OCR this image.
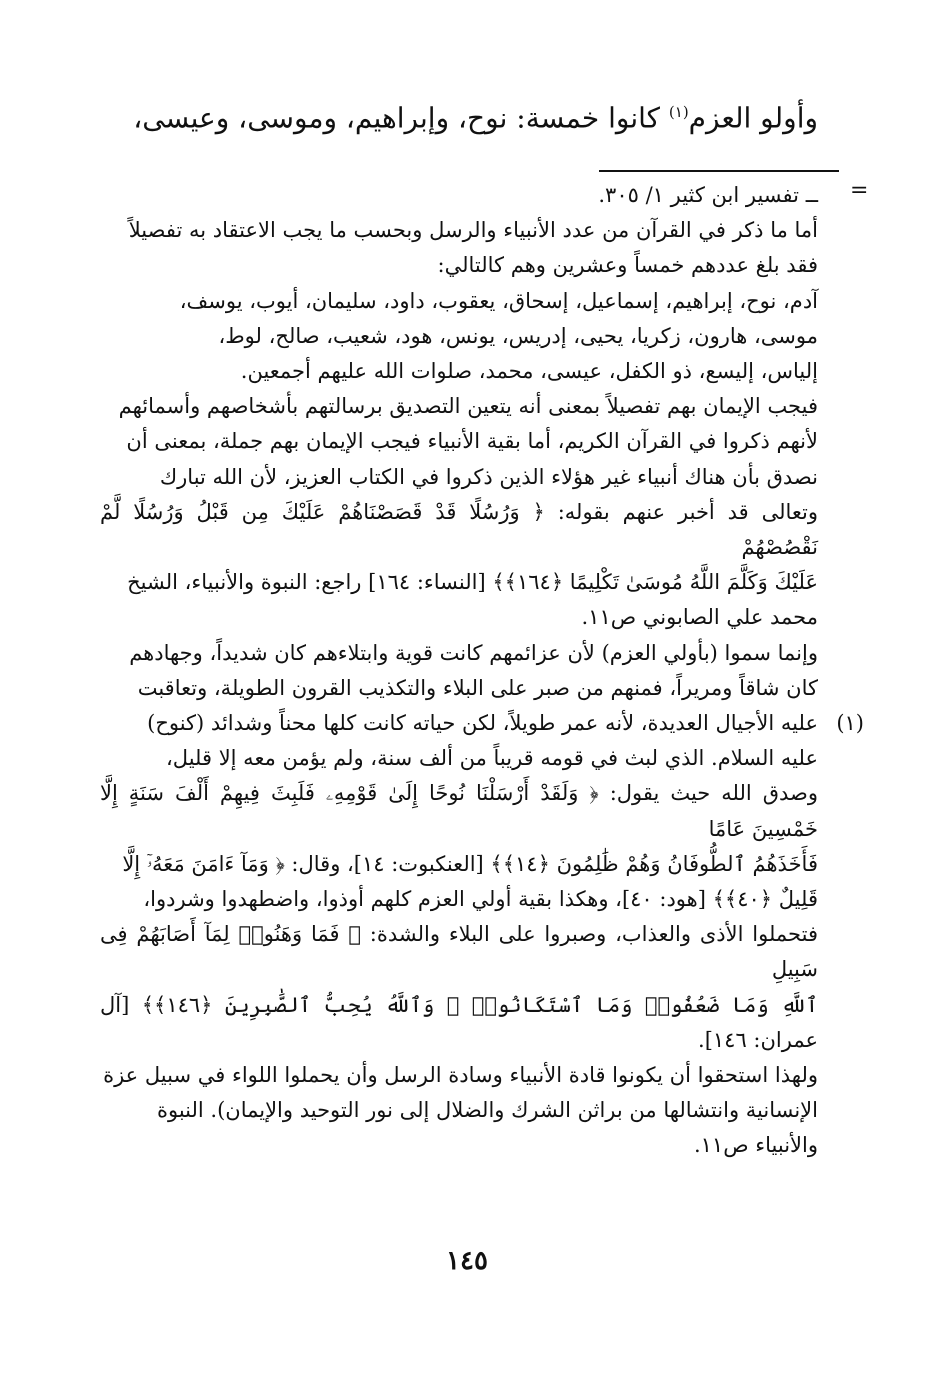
وأولو العزم$^{(١)}$ كانوا خمسة: نوح، وإبراهيم، وموسى، وعيسى،
=

ــ تفسير ابن كثير ١/ ٣٠٥.

أما ما ذكر في القرآن من عدد الأنبياء والرسل وبحسب ما يجب الاعتقاد به تفصيلاً

فقد بلغ عددهم خمساً وعشرين وهم كالتالي:

آدم، نوح، إبراهيم، إسماعيل، إسحاق، يعقوب، داود، سليمان، أيوب، يوسف،

موسى، هارون، زكريا، يحيى، إدريس، يونس، هود، شعيب، صالح، لوط،

إلياس، إليسع، ذو الكفل، عيسى، محمد، صلوات الله عليهم أجمعين.

فيجب الإيمان بهم تفصيلاً بمعنى أنه يتعين التصديق برسالتهم بأشخاصهم وأسمائهم

لأنهم ذكروا في القرآن الكريم، أما بقية الأنبياء فيجب الإيمان بهم جملة، بمعنى أن

نصدق بأن هناك أنبياء غير هؤلاء الذين ذكروا في الكتاب العزيز، لأن الله تبارك

وتعالى قد أخبر عنهم بقوله: ﴿ وَرُسُلًا قَدْ قَصَصْنَاهُمْ عَلَيْكَ مِن قَبْلُ وَرُسُلًا لَّمْ نَقْصُصْهُمْ

عَلَيْكَ وَكَلَّمَ اللَّهُ مُوسَىٰ تَكْلِيمًا ﴿١٦٤﴾﴾ [النساء: ١٦٤] راجع: النبوة والأنبياء، الشيخ

محمد علي الصابوني ص١١.

وإنما سموا (بأولي العزم) لأن عزائمهم كانت قوية وابتلاءهم كان شديداً، وجهادهم

كان شاقاً ومريراً، فمنهم من صبر على البلاء والتكذيب القرون الطويلة، وتعاقبت

عليه الأجيال العديدة، لأنه عمر طويلاً، لكن حياته كانت كلها محناً وشدائد (كنوح)

عليه السلام. الذي لبث في قومه قريباً من ألف سنة، ولم يؤمن معه إلا قليل،

وصدق الله حيث يقول: ﴿ وَلَقَدْ أَرْسَلْنَا نُوحًا إِلَىٰ قَوْمِهِۦ فَلَبِثَ فِيهِمْ أَلْفَ سَنَةٍ إِلَّا خَمْسِينَ عَامًا

فَأَخَذَهُمُ ٱلطُّوفَانُ وَهُمْ ظَٰلِمُونَ ﴿١٤﴾﴾ [العنكبوت: ١٤]، وقال: ﴿ وَمَآ ءَامَنَ مَعَهُۥٓ إِلَّا

قَلِيلٌ ﴿٤٠﴾﴾ [هود: ٤٠]، وهكذا بقية أولي العزم كلهم أوذوا، واضطهدوا وشردوا،

فتحملوا الأذى والعذاب، وصبروا على البلاء والشدة: ﴿ فَمَا وَهَنُوا۟ لِمَآ أَصَابَهُمْ فِى سَبِيلِ

ٱللَّهِ وَمَا ضَعُفُوا۟ وَمَا ٱسْتَكَانُوا۟ ۗ وَٱللَّهُ يُحِبُّ ٱلصَّٰبِرِينَ ﴿١٤٦﴾﴾ [آل عمران: ١٤٦].

ولهذا استحقوا أن يكونوا قادة الأنبياء وسادة الرسل وأن يحملوا اللواء في سبيل عزة

الإنسانية وانتشالها من براثن الشرك والضلال إلى نور التوحيد والإيمان). النبوة

والأنبياء ص١١.

(١)
١٤٥
